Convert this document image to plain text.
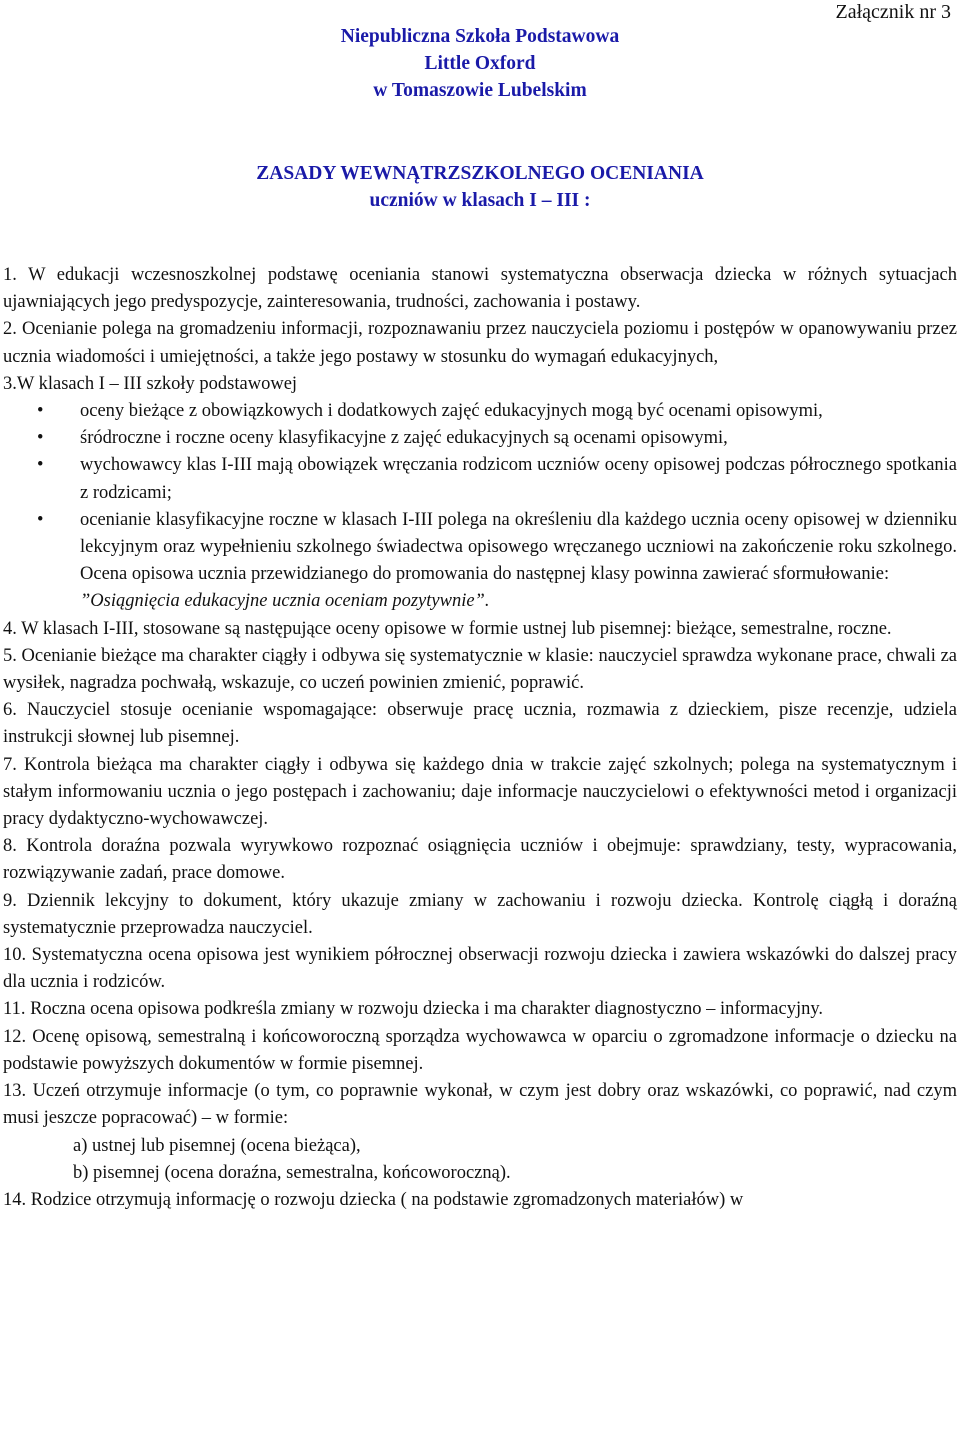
Załącznik nr 3
Niepubliczna Szkoła Podstawowa
Little Oxford
w Tomaszowie Lubelskim
ZASADY WEWNĄTRZSZKOLNEGO OCENIANIA
uczniów w klasach I – III :

1. W edukacji wczesnoszkolnej podstawę oceniania stanowi systematyczna obserwacja dziecka w różnych sytuacjach ujawniających jego predyspozycje, zainteresowania, trudności, zachowania i postawy.

2. Ocenianie polega na gromadzeniu informacji, rozpoznawaniu przez nauczyciela poziomu i postępów w opanowywaniu przez ucznia wiadomości i umiejętności, a także jego postawy w stosunku do wymagań edukacyjnych,

3.W klasach I – III szkoły podstawowej

• oceny bieżące z obowiązkowych i dodatkowych zajęć edukacyjnych mogą być ocenami opisowymi,
• śródroczne i roczne oceny klasyfikacyjne z zajęć edukacyjnych są ocenami opisowymi,
• wychowawcy klas I-III mają obowiązek wręczania rodzicom uczniów oceny opisowej podczas półrocznego spotkania z rodzicami;
• ocenianie klasyfikacyjne roczne w klasach I-III polega na określeniu dla każdego ucznia oceny opisowej w dzienniku lekcyjnym oraz wypełnieniu szkolnego świadectwa opisowego wręczanego uczniowi na zakończenie roku szkolnego. Ocena opisowa ucznia przewidzianego do promowania do następnej klasy powinna zawierać sformułowanie:
”Osiągnięcia edukacyjne ucznia oceniam pozytywnie”.

4. W klasach I-III, stosowane są następujące oceny opisowe w formie ustnej lub pisemnej: bieżące, semestralne, roczne.

5. Ocenianie bieżące ma charakter ciągły i odbywa się systematycznie w klasie: nauczyciel sprawdza wykonane prace, chwali za wysiłek, nagradza pochwałą, wskazuje, co uczeń powinien zmienić, poprawić.

6. Nauczyciel stosuje ocenianie wspomagające: obserwuje pracę ucznia, rozmawia z dzieckiem, pisze recenzje, udziela instrukcji słownej lub pisemnej.

7. Kontrola bieżąca ma charakter ciągły i odbywa się każdego dnia w trakcie zajęć szkolnych; polega na systematycznym i stałym informowaniu ucznia o jego postępach i zachowaniu; daje informacje nauczycielowi o efektywności metod i organizacji pracy dydaktyczno-wychowawczej.

8. Kontrola doraźna pozwala wyrywkowo rozpoznać osiągnięcia uczniów i obejmuje: sprawdziany, testy, wypracowania, rozwiązywanie zadań, prace domowe.

9. Dziennik lekcyjny to dokument, który ukazuje zmiany w zachowaniu i rozwoju dziecka. Kontrolę ciągłą i doraźną systematycznie przeprowadza nauczyciel.

10. Systematyczna ocena opisowa jest wynikiem półrocznej obserwacji rozwoju dziecka i zawiera wskazówki do dalszej pracy dla ucznia i rodziców.

11. Roczna ocena opisowa podkreśla zmiany w rozwoju dziecka i ma charakter diagnostyczno – informacyjny.

12. Ocenę opisową, semestralną i końcoworoczną sporządza wychowawca w oparciu o zgromadzone informacje o dziecku na podstawie powyższych dokumentów w formie pisemnej.

13. Uczeń otrzymuje informacje (o tym, co poprawnie wykonał, w czym jest dobry oraz wskazówki, co poprawić, nad czym musi jeszcze popracować) – w formie:

a) ustnej lub pisemnej (ocena bieżąca),

b) pisemnej (ocena doraźna, semestralna, końcoworoczną).

14. Rodzice otrzymują informację o rozwoju dziecka ( na podstawie zgromadzonych materiałów) w
